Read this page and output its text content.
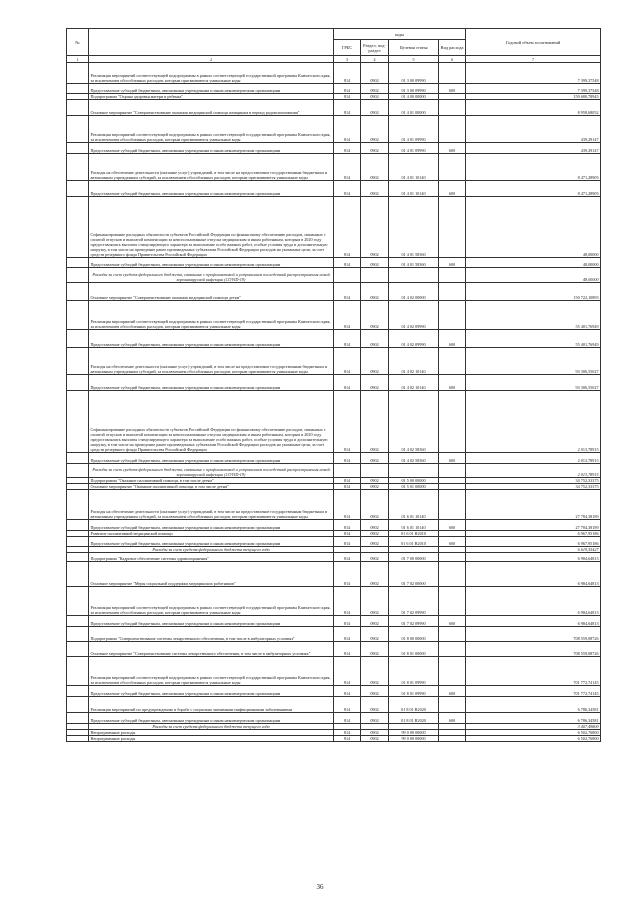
№		коды				Годовой объем ассигнований
		ГРБС	Раздел, под-раздел	Целевая статья	Вид расхода	
1	2	3	4	5	6	7
	Реализация мероприятий соответствующей подпрограммы в рамках соответствующей государственной программы Камчатского края, за исключением обособленных расходов, которым присваиваются уникальные коды	814	0902	01 3 00 09990		7 399,37548
	Предоставление субсидий бюджетным, автономным учреждениям и иным некоммерческим организациям	814	0902	01 3 00 09990	600	7 399,37548
	Подпрограмма "Охрана здоровья матери и ребенка"	814	0902	01 4 00 00000		159 680,78945
	Основное мероприятие "Совершенствование оказания медицинской помощи женщинам в период родовспоможения"	814	0902	01 4 01 00000		8 958,68052
	Реализация мероприятий соответствующей подпрограммы в рамках соответствующей государственной программы Камчатского края, за исключением обособленных расходов, которым присваиваются уникальные коды	814	0902	01 4 01 09990		439,29147
	Предоставление субсидий бюджетным, автономным учреждениям и иным некоммерческим организациям	814	0902	01 4 01 09990	600	439,29147
	Расходы на обеспечение деятельности (оказание услуг) учреждений, в том числе на предоставление государственным бюджетным и автономным учреждениям субсидий, за исключением обособленных расходов, которым присваиваются уникальные коды	814	0902	01 4 01 10140		8 471,28905
	Предоставление субсидий бюджетным, автономным учреждениям и иным некоммерческим организациям	814	0902	01 4 01 10140	600	8 471,28905
	Софинансирование расходных обязательств субъектов Российской Федерации по финансовому обеспечению расходов, связанных с оплатой отпусков и выплатой компенсации за неиспользованные отпуска медицинским и иным работникам, которым в 2020 году предоставлялись выплаты стимулирующего характера за выполнение особо важных работ, особые условия труда и дополнительную нагрузку, в том числе на проведение ранее произведенных субъектами Российской Федерации расходов на указанные цели, за счет средств резервного фонда Правительства Российской Федерации	814	0902	01 4 01 58360		48,00000
	Предоставление субсидий бюджетным, автономным учреждениям и иным некоммерческим организациям	814	0902	01 4 01 58360	600	48,00000
	Расходы за счет средств федерального бюджета, связанные с профилактикой и устранением последствий распространения новой коронавирусной инфекции (COVID-19)					48,00000
	Основное мероприятие "Совершенствование оказания медицинской помощи детям"	814	0902	01 4 02 00000		150 722,10893
	Реализация мероприятий соответствующей подпрограммы в рамках соответствующей государственной программы Камчатского края, за исключением обособленных расходов, которым присваиваются уникальные коды	814	0902	01 4 02 09990		55 401,76949
	Предоставление субсидий бюджетным, автономным учреждениям и иным некоммерческим организациям	814	0902	01 4 02 09990	600	55 401,76949
	Расходы на обеспечение деятельности (оказание услуг) учреждений, в том числе на предоставление государственным бюджетным и автономным учреждениям субсидий, за исключением обособленных расходов, которым присваиваются уникальные коды	814	0902	01 4 02 10140		93 306,55027
	Предоставление субсидий бюджетным, автономным учреждениям и иным некоммерческим организациям	814	0902	01 4 02 10140	600	93 306,55027
	Софинансирование расходных обязательств субъектов Российской Федерации по финансовому обеспечению расходов, связанных с оплатой отпусков и выплатой компенсации за неиспользованные отпуска медицинским и иным работникам, которым в 2020 году предоставлялись выплаты стимулирующего характера за выполнение особо важных работ, особые условия труда и дополнительную нагрузку, в том числе на проведение ранее произведенных субъектами Российской Федерации расходов на указанные цели, за счет средств резервного фонда Правительства Российской Федерации	814	0902	01 4 02 58360		2 013,78915
	Предоставление субсидий бюджетным, автономным учреждениям и иным некоммерческим организациям	814	0902	01 4 02 58360	600	2 013,78915
	Расходы за счет средств федерального бюджета, связанные с профилактикой и устранением последствий распространения новой коронавирусной инфекции (COVID-19)					2 013,78915
	Подпрограмма "Оказание паллиативной помощи, в том числе детям"	814	0902	01 5 00 00000		34 752,33375
	Основное мероприятие "Оказание паллиативной помощи, в том числе детям"	814	0902	01 5 01 00000		34 752,33375
	Расходы на обеспечение деятельности (оказание услуг) учреждений, в том числе на предоставление государственным бюджетным и автономным учреждениям субсидий, за исключением обособленных расходов, которым присваиваются уникальные коды	814	0902	01 6 01 10140		27 784,38189
	Предоставление субсидий бюджетным, автономным учреждениям и иным некоммерческим организациям	814	0902	01 6 01 10140	600	27 784,38189
	Развитие паллиативной медицинской помощи	814	0902	01 6 01 R2010		6 967,95186
	Предоставление субсидий бюджетным, автономным учреждениям и иным некоммерческим организациям	814	0902	01 6 01 R2010	600	6 967,95186
	Расходы за счет средств федерального бюджета текущего года					6 619,55427
	Подпрограмма "Кадровое обеспечение системы здравоохранения"	814	0902	01 7 00 00000		6 984,64813
	Основное мероприятие "Меры социальной поддержки медицинских работников"	814	0902	01 7 02 00000		6 984,64813
	Реализация мероприятий соответствующей подпрограммы в рамках соответствующей государственной программы Камчатского края, за исключением обособленных расходов, которым присваиваются уникальные коды	814	0902	01 7 02 09990		6 984,64813
	Предоставление субсидий бюджетным, автономным учреждениям и иным некоммерческим организациям	814	0902	01 7 02 09990	600	6 984,64813
	Подпрограмма "Совершенствование системы лекарственного обеспечения, в том числе в амбулаторных условиях"	814	0902	01 8 00 00000		708 559,08726
	Основное мероприятие "Совершенствование системы лекарственного обеспечения, в том числе в амбулаторных условиях"	814	0902	01 8 01 00000		708 559,08726
	Реализация мероприятий соответствующей подпрограммы в рамках соответствующей государственной программы Камчатского края, за исключением обособленных расходов, которым присваиваются уникальные коды	814	0902	01 8 01 09990		701 772,74145
	Предоставление субсидий бюджетным, автономным учреждениям и иным некоммерческим организациям	814	0902	01 8 01 09990	600	701 772,74145
	Реализация мероприятий по предупреждению и борьбе с социально значимыми инфекционными заболеваниями	814	0902	01 8 01 R2020		6 786,34581
	Предоставление субсидий бюджетным, автономным учреждениям и иным некоммерческим организациям	814	0902	01 8 01 R2020	600	6 786,34581
	Расходы за счет средств федерального бюджета текущего года					3 407,49800
	Непрограммные расходы	814	0902	99 0 00 00000		6 502,76800
	Непрограммные расходы	814	0902	99 0 00 00000		6 502,76800
36
